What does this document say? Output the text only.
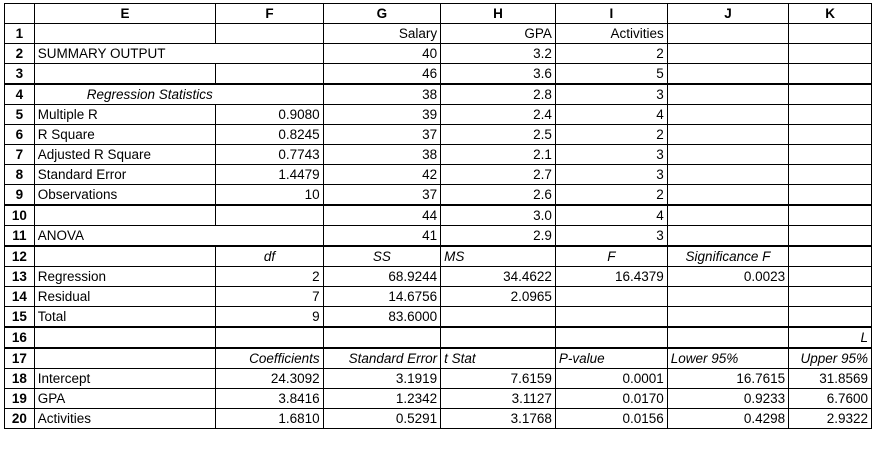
	E	F	G	H	I	J	K
1			Salary	GPA	Activities		
2	SUMMARY OUTPUT		40	3.2	2		
3			46	3.6	5		
4	Regression Statistics		38	2.8	3		
5	Multiple R	0.9080	39	2.4	4		
6	R Square	0.8245	37	2.5	2		
7	Adjusted R Square	0.7743	38	2.1	3		
8	Standard Error	1.4479	42	2.7	3		
9	Observations	10	37	2.6	2		
10			44	3.0	4		
11	ANOVA		41	2.9	3		
12		df	SS	MS	F	Significance F	
13	Regression	2	68.9244	34.4622	16.4379	0.0023	
14	Residual	7	14.6756	2.0965			
15	Total	9	83.6000				
16							L
17		Coefficients	Standard Error	t Stat	P-value	Lower 95%	Upper 95%
18	Intercept	24.3092	3.1919	7.6159	0.0001	16.7615	31.8569
19	GPA	3.8416	1.2342	3.1127	0.0170	0.9233	6.7600
20	Activities	1.6810	0.5291	3.1768	0.0156	0.4298	2.9322
